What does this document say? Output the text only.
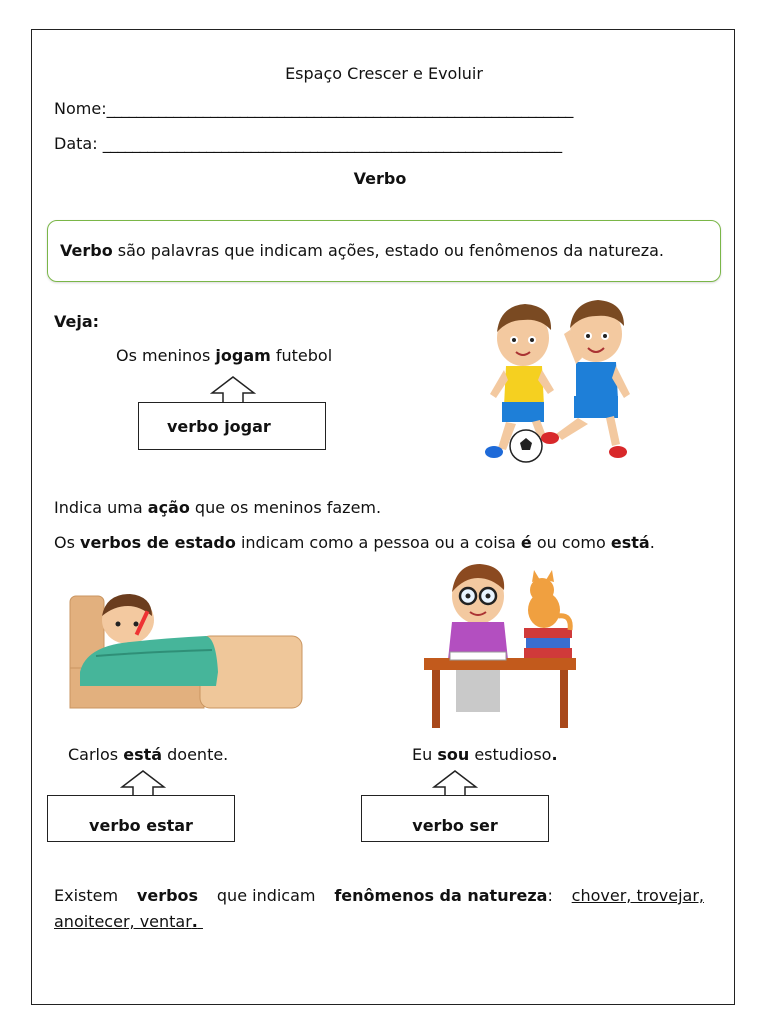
Espaço Crescer e Evoluir
Nome:_______________________________________________________________
Data: ______________________________________________________________
Verbo
Verbo são palavras que indicam ações, estado ou fenômenos da natureza.
Veja:
Os meninos jogam futebol
verbo jogar
Indica uma ação que os meninos fazem.
Os verbos de estado indicam como a pessoa ou a coisa é ou como está.
Carlos está doente.	Eu sou estudioso.
verbo estar	verbo ser
Existem verbos que indicam fenômenos da natureza: chover, trovejar,
anoitecer, ventar.
